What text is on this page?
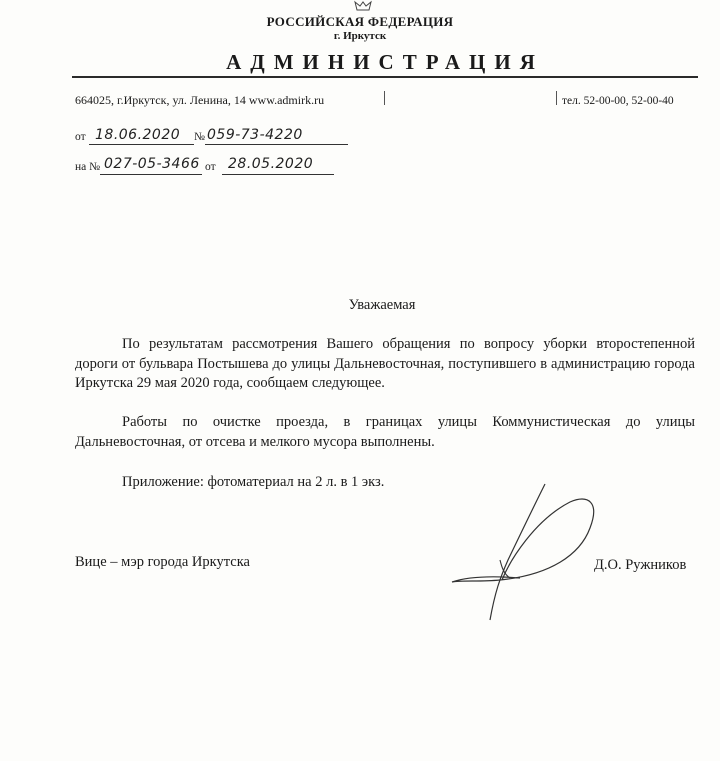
РОССИЙСКАЯ ФЕДЕРАЦИЯ
г. Иркутск
АДМИНИСТРАЦИЯ
664025, г.Иркутск, ул. Ленина, 14 www.admirk.ru	тел. 52-00-00, 52-00-40
от 18.06.2020 № 059-73-4220
на № 027-05-3466 от 28.05.2020
Уважаемая
По результатам рассмотрения Вашего обращения по вопросу уборки второстепенной дороги от бульвара Постышева до улицы Дальневосточная, поступившего в администрацию города Иркутска 29 мая 2020 года, сообщаем следующее.
Работы по очистке проезда, в границах улицы Коммунистическая до улицы Дальневосточная, от отсева и мелкого мусора выполнены.
Приложение: фотоматериал на 2 л. в 1 экз.
Вице – мэр города Иркутска	Д.О. Ружников
